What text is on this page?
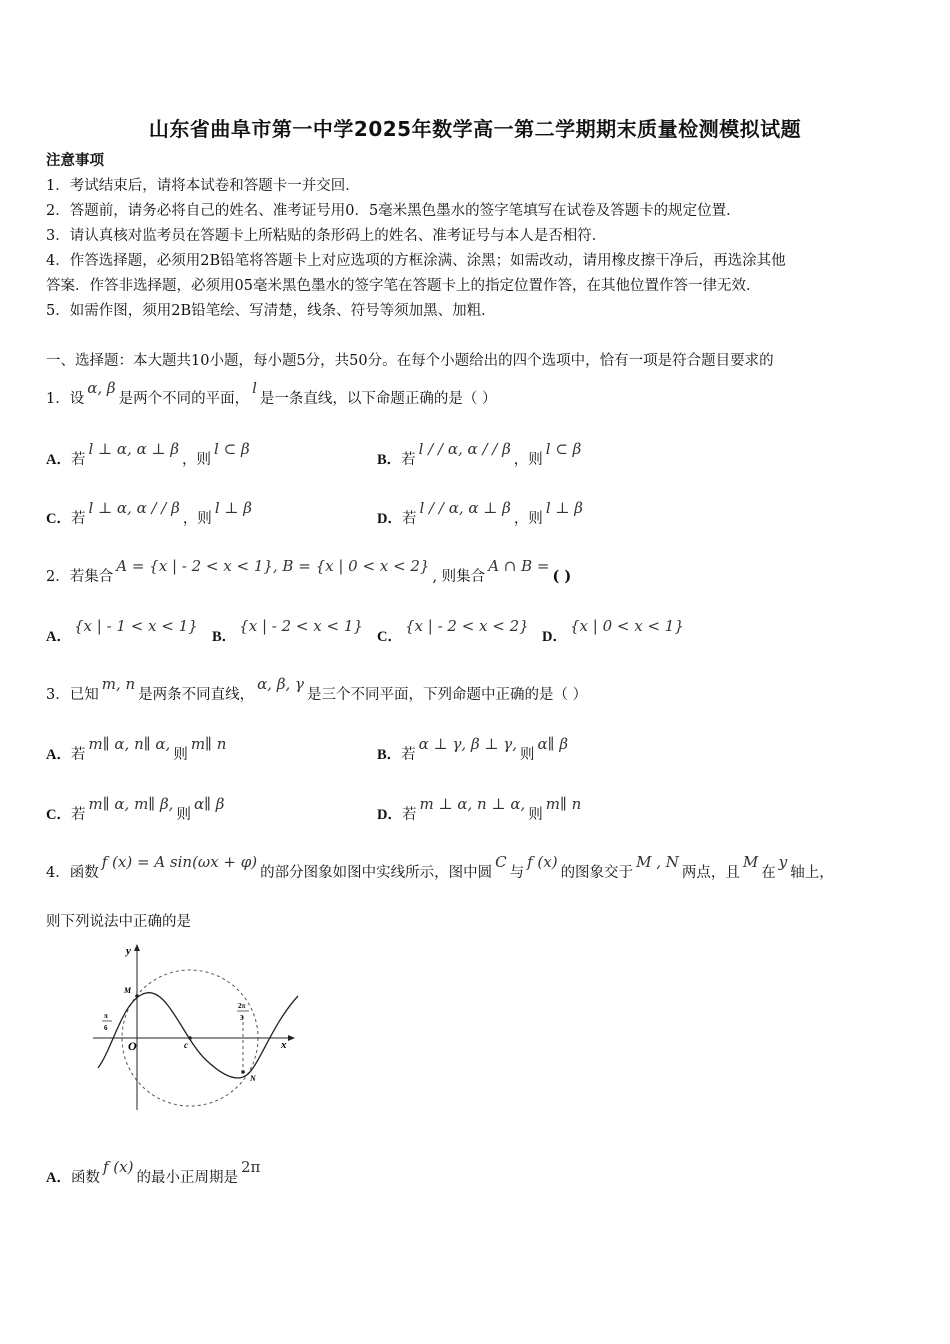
山东省曲阜市第一中学2025年数学高一第二学期期末质量检测模拟试题
注意事项
1．考试结束后，请将本试卷和答题卡一并交回．
2．答题前，请务必将自己的姓名、准考证号用0．5毫米黑色墨水的签字笔填写在试卷及答题卡的规定位置．
3．请认真核对监考员在答题卡上所粘贴的条形码上的姓名、准考证号与本人是否相符．
4．作答选择题，必须用2B铅笔将答题卡上对应选项的方框涂满、涂黑；如需改动，请用橡皮擦干净后，再选涂其他
答案．作答非选择题，必须用05毫米黑色墨水的签字笔在答题卡上的指定位置作答，在其他位置作答一律无效．
5．如需作图，须用2B铅笔绘、写清楚，线条、符号等须加黑、加粗．
一、选择题：本大题共10小题，每小题5分，共50分。在每个小题给出的四个选项中，恰有一项是符合题目要求的
1．设α, β是两个不同的平面，l是一条直线，以下命题正确的是（ ）
A．若l ⊥ α, α ⊥ β，则l ⊂ β
B．若l / / α, α / / β，则l ⊂ β
C．若l ⊥ α, α / / β，则l ⊥ β
D．若l / / α, α ⊥ β，则l ⊥ β
2．若集合A = {x | - 2 < x < 1}, B = {x | 0 < x < 2}, 则集合A ∩ B =( )
A．{x | - 1 < x < 1}
B．{x | - 2 < x < 1}
C．{x | - 2 < x < 2}
D．{x | 0 < x < 1}
3．已知m, n是两条不同直线，α, β, γ是三个不同平面，下列命题中正确的是（ ）
A．若m∥ α, n∥ α,则m∥ n
B．若α ⊥ γ, β ⊥ γ,则α∥ β
C．若m∥ α, m∥ β,则α∥ β
D．若m ⊥ α, n ⊥ α,则m∥ n
4．函数f (x) = A sin(ωx + φ)的部分图象如图中实线所示，图中圆C与f (x)的图象交于M , N两点，且M在y轴上，
则下列说法中正确的是
y
x
O
M
N
c
π
6
2π
3
A．函数f (x)的最小正周期是2π
